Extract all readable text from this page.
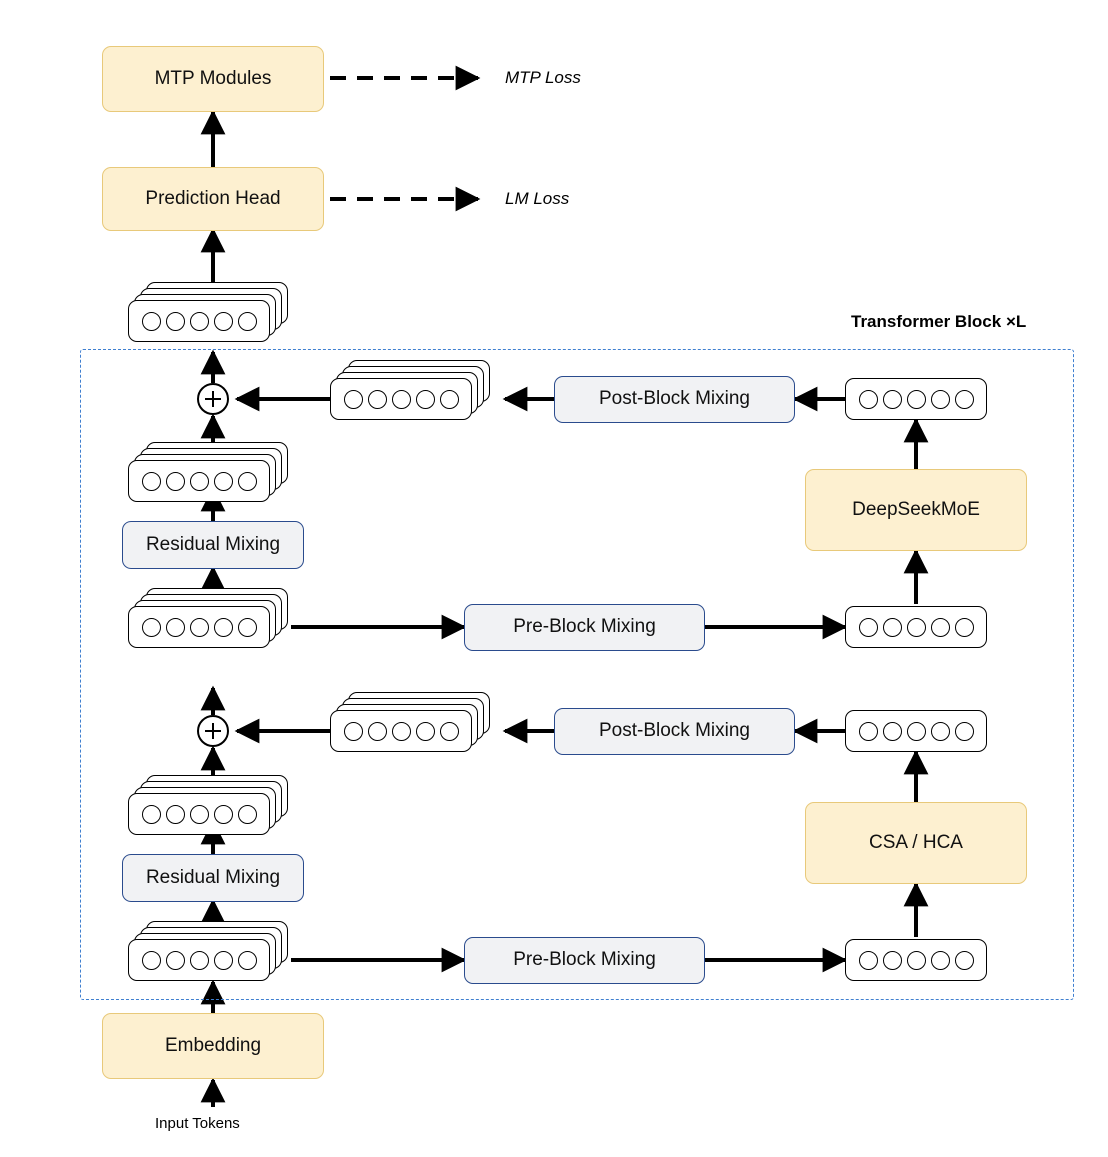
Transformer Block ×L
MTP Modules
Prediction Head
Residual Mixing
Residual Mixing
Embedding
Pre-Block Mixing
Pre-Block Mixing
Post-Block Mixing
Post-Block Mixing
DeepSeekMoE
CSA / HCA
MTP Loss
LM Loss
Input Tokens
